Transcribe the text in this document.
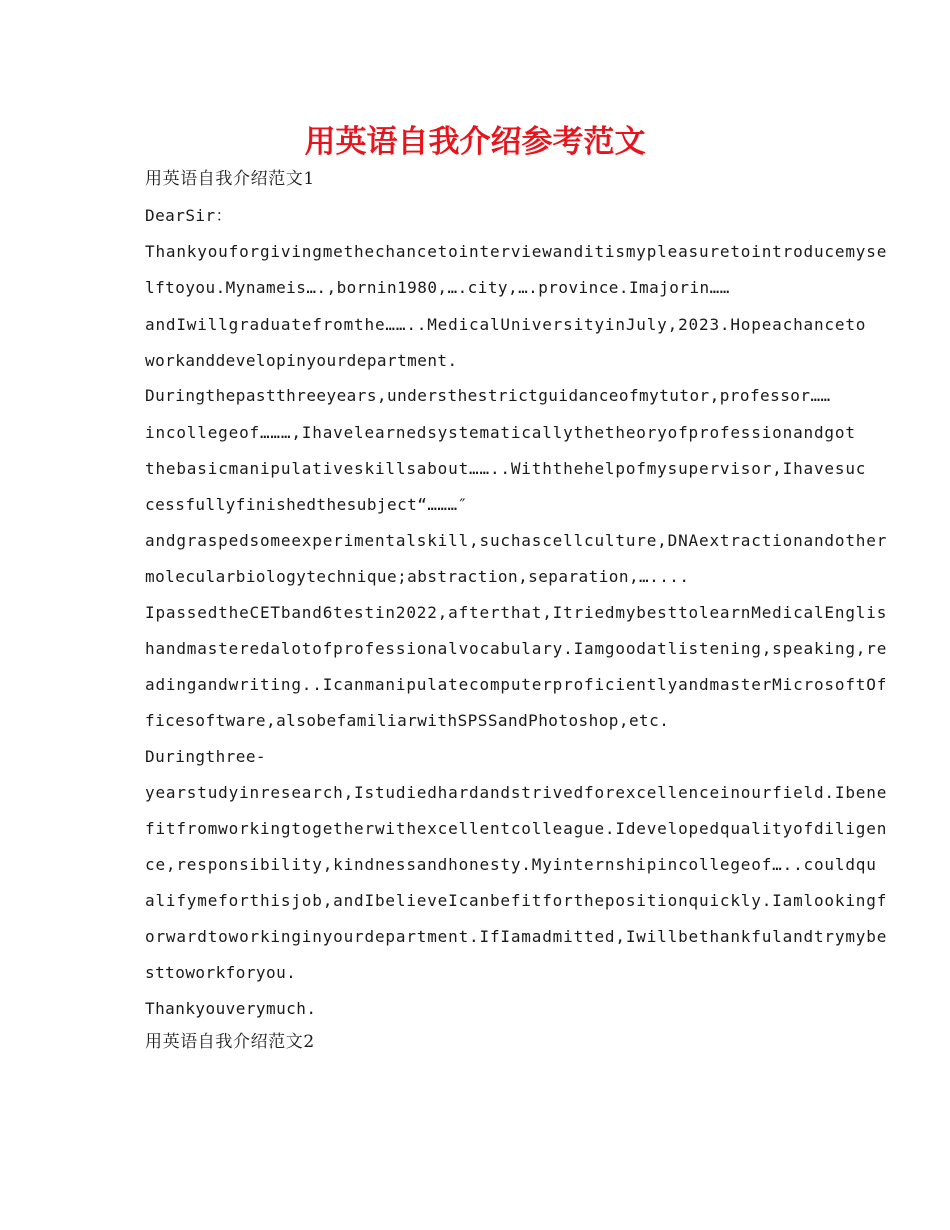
用英语自我介绍参考范文
用英语自我介绍范文1
DearSir：
Thankyouforgivingmethechancetointerviewanditismypleasuretointroducemyse
lftoyou.Mynameis….,bornin1980,….city,….province.Imajorin……
andIwillgraduatefromthe……..MedicalUniversityinJuly,2023.Hopeachanceto
workanddevelopinyourdepartment.
Duringthepastthreeyears,understhestrictguidanceofmytutor,professor……
incollegeof………,Ihavelearnedsystematicallythetheoryofprofessionandgot
thebasicmanipulativeskillsabout……..Withthehelpofmysupervisor,Ihavesuc
cessfullyfinishedthesubject“………″
andgraspedsomeexperimentalskill,suchascellculture,DNAextractionandother
molecularbiologytechnique;abstraction,separation,…....
IpassedtheCETband6testin2022,afterthat,ItriedmybesttolearnMedicalEnglis
handmasteredalotofprofessionalvocabulary.Iamgoodatlistening,speaking,re
adingandwriting..IcanmanipulatecomputerproficientlyandmasterMicrosoftOf
ficesoftware,alsobefamiliarwithSPSSandPhotoshop,etc.
Duringthree-
yearstudyinresearch,Istudiedhardandstrivedforexcellenceinourfield.Ibene
fitfromworkingtogetherwithexcellentcolleague.Idevelopedqualityofdiligen
ce,responsibility,kindnessandhonesty.Myinternshipincollegeof…..couldqu
alifymeforthisjob,andIbelieveIcanbefitforthepositionquickly.Iamlookingf
orwardtoworkinginyourdepartment.IfIamadmitted,Iwillbethankfulandtrymybe
sttoworkforyou.
Thankyouverymuch.
用英语自我介绍范文2
